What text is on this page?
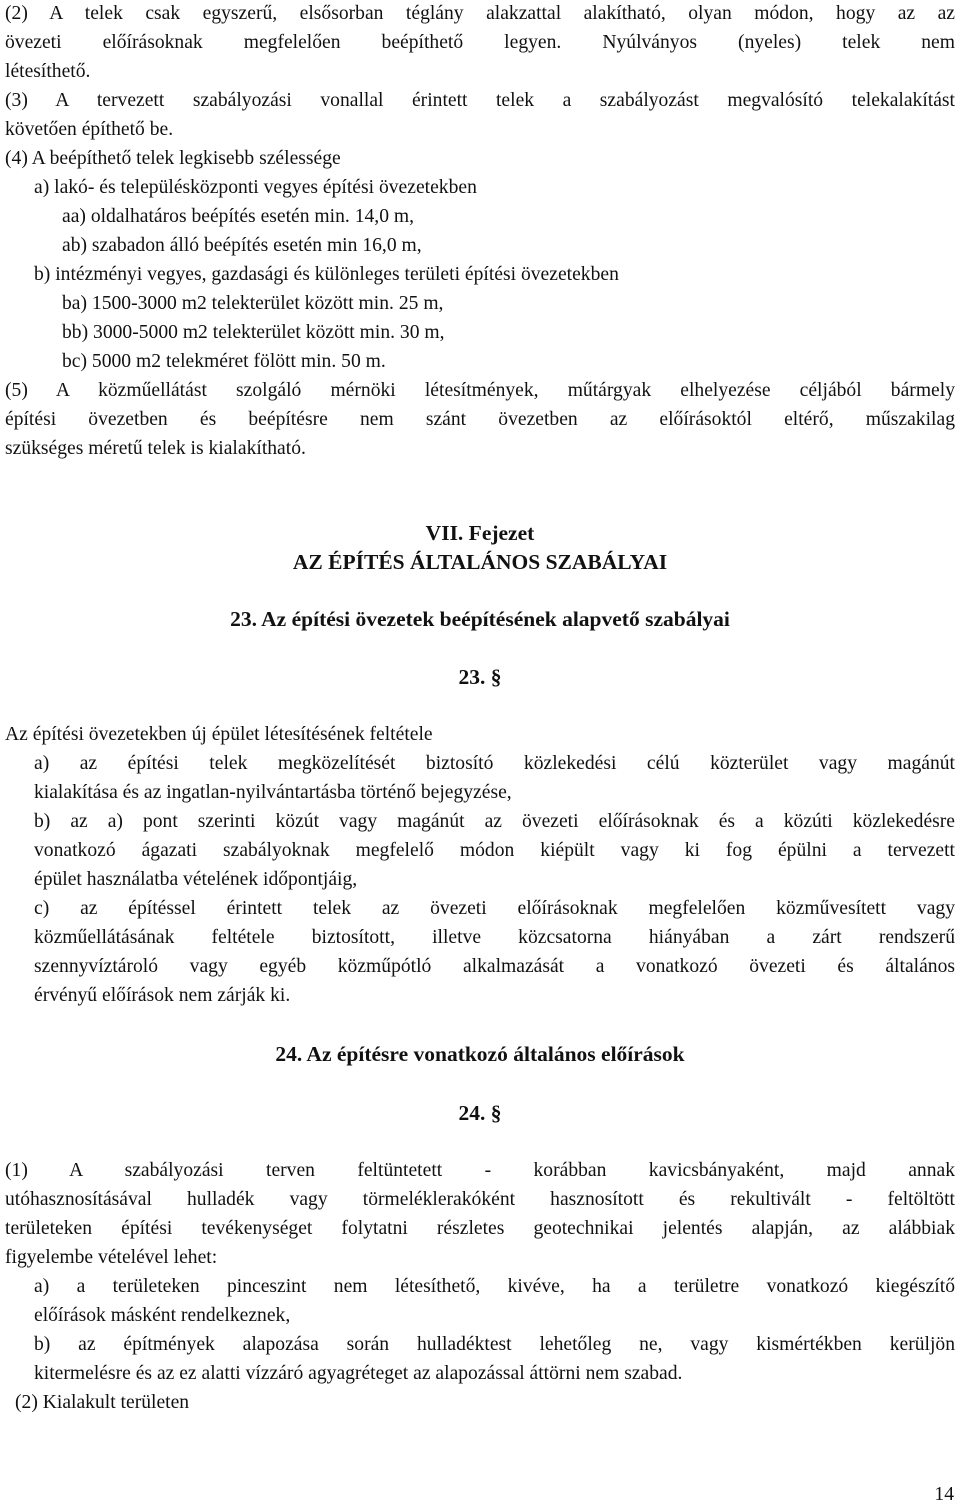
(2) A telek csak egyszerű, elsősorban téglány alakzattal alakítható, olyan módon, hogy az az
övezeti előírásoknak megfelelően beépíthető legyen. Nyúlványos (nyeles) telek nem
létesíthető.
(3) A tervezett szabályozási vonallal érintett telek a szabályozást megvalósító telekalakítást
követően építhető be.
(4) A beépíthető telek legkisebb szélessége
a) lakó- és településközponti vegyes építési övezetekben
aa) oldalhatáros beépítés esetén min. 14,0 m,
ab) szabadon álló beépítés esetén min 16,0 m,
b) intézményi vegyes, gazdasági és különleges területi építési övezetekben
ba) 1500-3000 m2 telekterület között min. 25 m,
bb) 3000-5000 m2 telekterület között min. 30 m,
bc) 5000 m2 telekméret fölött min. 50 m.
(5) A közműellátást szolgáló mérnöki létesítmények, műtárgyak elhelyezése céljából bármely
építési övezetben és beépítésre nem szánt övezetben az előírásoktól eltérő, műszakilag
szükséges méretű telek is kialakítható.
VII. Fejezet
AZ ÉPÍTÉS ÁLTALÁNOS SZABÁLYAI
23. Az építési övezetek beépítésének alapvető szabályai
23. §
Az építési övezetekben új épület létesítésének feltétele
a) az építési telek megközelítését biztosító közlekedési célú közterület vagy magánút
kialakítása és az ingatlan-nyilvántartásba történő bejegyzése,
b) az a) pont szerinti közút vagy magánút az övezeti előírásoknak és a közúti közlekedésre
vonatkozó ágazati szabályoknak megfelelő módon kiépült vagy ki fog épülni a tervezett
épület használatba vételének időpontjáig,
c) az építéssel érintett telek az övezeti előírásoknak megfelelően közművesített vagy
közműellátásának feltétele biztosított, illetve közcsatorna hiányában a zárt rendszerű
szennyvíztároló vagy egyéb közműpótló alkalmazását a vonatkozó övezeti és általános
érvényű előírások nem zárják ki.
24. Az építésre vonatkozó általános előírások
24. §
(1) A szabályozási terven feltüntetett - korábban kavicsbányaként, majd annak
utóhasznosításával hulladék vagy törmeléklerakóként hasznosított és rekultivált - feltöltött
területeken építési tevékenységet folytatni részletes geotechnikai jelentés alapján, az alábbiak
figyelembe vételével lehet:
a) a területeken pinceszint nem létesíthető, kivéve, ha a területre vonatkozó kiegészítő
előírások másként rendelkeznek,
b) az építmények alapozása során hulladéktest lehetőleg ne, vagy kismértékben kerüljön
kitermelésre és az ez alatti vízzáró agyagréteget az alapozással áttörni nem szabad.
(2) Kialakult területen
14
